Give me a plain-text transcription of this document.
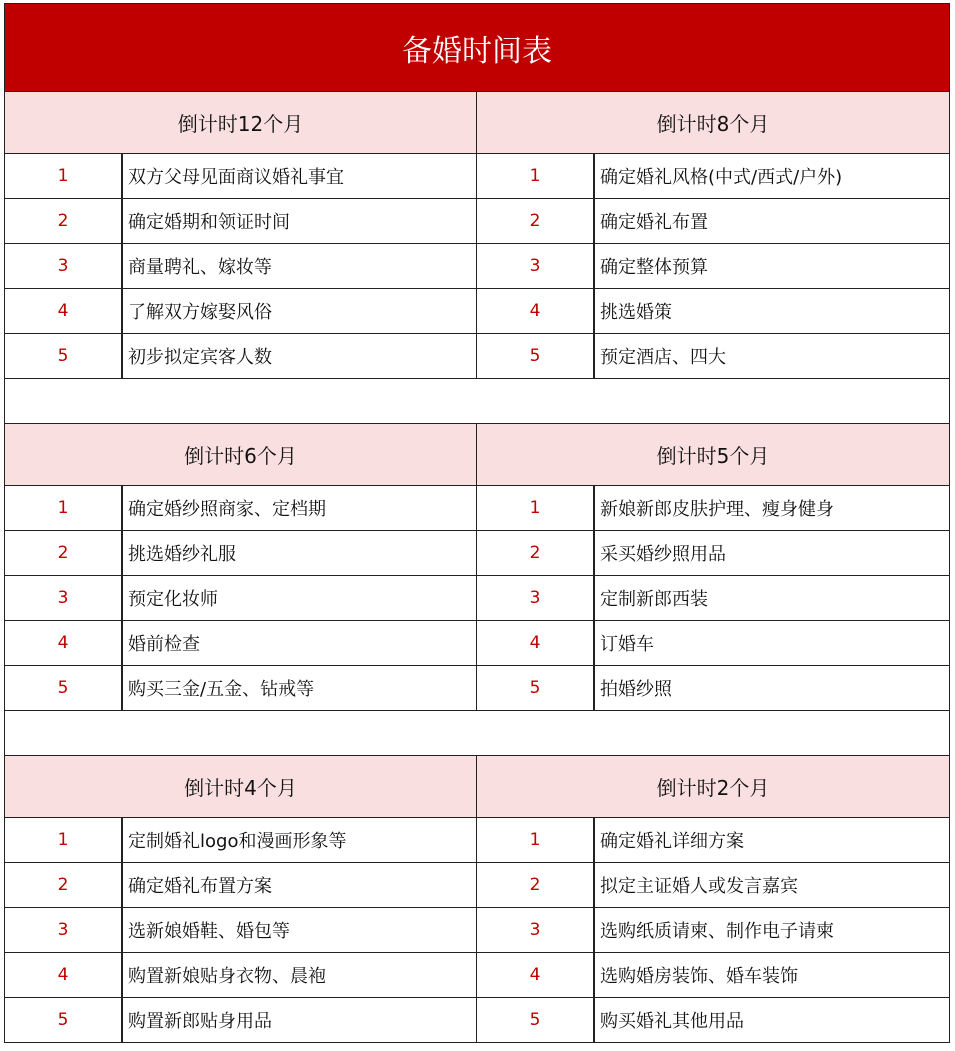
备婚时间表
倒计时12个月
1	双方父母见面商议婚礼事宜
2	确定婚期和领证时间
3	商量聘礼、嫁妆等
4	了解双方嫁娶风俗
5	初步拟定宾客人数
倒计时8个月
1	确定婚礼风格(中式/西式/户外)
2	确定婚礼布置
3	确定整体预算
4	挑选婚策
5	预定酒店、四大
倒计时6个月
1	确定婚纱照商家、定档期
2	挑选婚纱礼服
3	预定化妆师
4	婚前检查
5	购买三金/五金、钻戒等
倒计时5个月
1	新娘新郎皮肤护理、瘦身健身
2	采买婚纱照用品
3	定制新郎西装
4	订婚车
5	拍婚纱照
倒计时4个月
1	定制婚礼logo和漫画形象等
2	确定婚礼布置方案
3	选新娘婚鞋、婚包等
4	购置新娘贴身衣物、晨袍
5	购置新郎贴身用品
倒计时2个月
1	确定婚礼详细方案
2	拟定主证婚人或发言嘉宾
3	选购纸质请柬、制作电子请柬
4	选购婚房装饰、婚车装饰
5	购买婚礼其他用品
